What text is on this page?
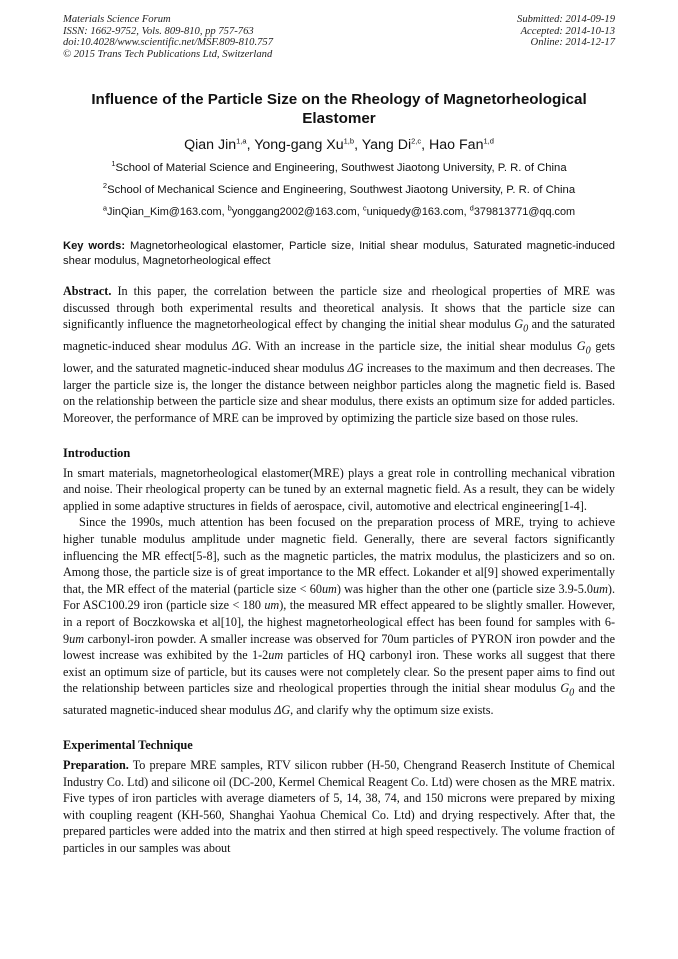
Materials Science Forum
ISSN: 1662-9752, Vols. 809-810, pp 757-763
doi:10.4028/www.scientific.net/MSF.809-810.757
© 2015 Trans Tech Publications Ltd, Switzerland
Submitted: 2014-09-19
Accepted: 2014-10-13
Online: 2014-12-17
Influence of the Particle Size on the Rheology of Magnetorheological Elastomer
Qian Jin$^{1,a}$, Yong-gang Xu$^{1,b}$, Yang Di$^{2,c}$, Hao Fan$^{1,d}$
$^1$School of Material Science and Engineering, Southwest Jiaotong University, P. R. of China
$^2$School of Mechanical Science and Engineering, Southwest Jiaotong University, P. R. of China
$^a$JinQian_Kim@163.com, $^b$yonggang2002@163.com, $^c$uniquedy@163.com, $^d$379813771@qq.com
Key words: Magnetorheological elastomer, Particle size, Initial shear modulus, Saturated magnetic-induced shear modulus, Magnetorheological effect
Abstract. In this paper, the correlation between the particle size and rheological properties of MRE was discussed through both experimental results and theoretical analysis. It shows that the particle size can significantly influence the magnetorheological effect by changing the initial shear modulus $G_0$ and the saturated magnetic-induced shear modulus ΔG. With an increase in the particle size, the initial shear modulus $G_0$ gets lower, and the saturated magnetic-induced shear modulus ΔG increases to the maximum and then decreases. The larger the particle size is, the longer the distance between neighbor particles along the magnetic field is. Based on the relationship between the particle size and shear modulus, there exists an optimum size for added particles. Moreover, the performance of MRE can be improved by optimizing the particle size based on those rules.
Introduction
In smart materials, magnetorheological elastomer(MRE) plays a great role in controlling mechanical vibration and noise. Their rheological property can be tuned by an external magnetic field. As a result, they can be widely applied in some adaptive structures in fields of aerospace, civil, automotive and electrical engineering[1-4].
Since the 1990s, much attention has been focused on the preparation process of MRE, trying to achieve higher tunable modulus amplitude under magnetic field. Generally, there are several factors significantly influencing the MR effect[5-8], such as the magnetic particles, the matrix modulus, the plasticizers and so on. Among those, the particle size is of great importance to the MR effect. Lokander et al[9] showed experimentally that, the MR effect of the material (particle size < 60um) was higher than the other one (particle size 3.9-5.0um). For ASC100.29 iron (particle size < 180 um), the measured MR effect appeared to be slightly smaller. However, in a report of Boczkowska et al[10], the highest magnetorheological effect has been found for samples with 6-9um carbonyl-iron powder. A smaller increase was observed for 70um particles of PYRON iron powder and the lowest increase was exhibited by the 1-2um particles of HQ carbonyl iron. These works all suggest that there exist an optimum size of particle, but its causes were not completely clear. So the present paper aims to find out the relationship between particles size and rheological properties through the initial shear modulus $G_0$ and the saturated magnetic-induced shear modulus ΔG, and clarify why the optimum size exists.
Experimental Technique
Preparation. To prepare MRE samples, RTV silicon rubber (H-50, Chengrand Reaserch Institute of Chemical Industry Co. Ltd) and silicone oil (DC-200, Kermel Chemical Reagent Co. Ltd) were chosen as the MRE matrix. Five types of iron particles with average diameters of 5, 14, 38, 74, and 150 microns were prepared by mixing with coupling reagent (KH-560, Shanghai Yaohua Chemical Co. Ltd) and drying respectively. After that, the prepared particles were added into the matrix and then stirred at high speed respectively. The volume fraction of particles in our samples was about
